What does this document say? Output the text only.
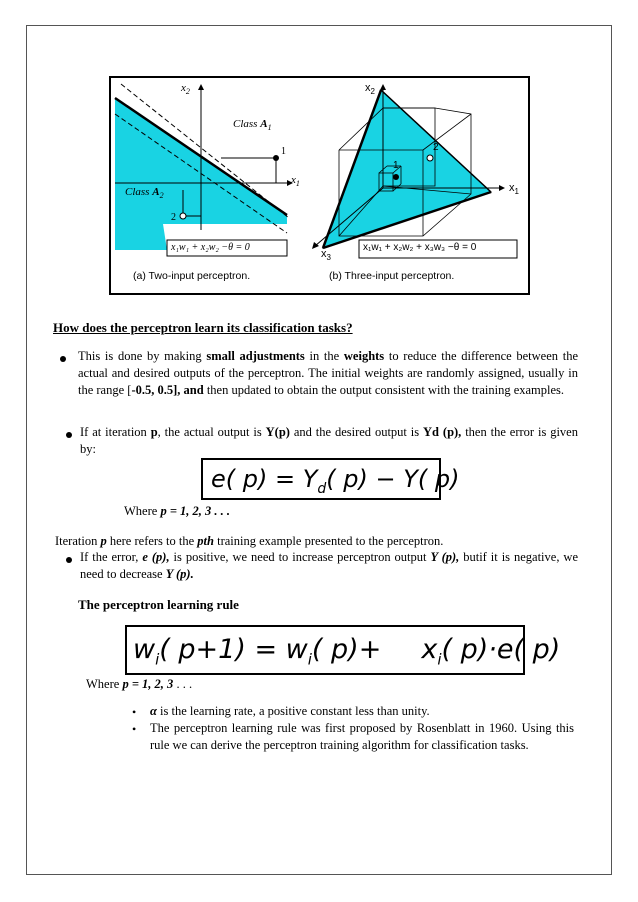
$x_2$
$x_1$
Class $A_1$
Class $A_2$
1
2
x₁w₁ + x₂w₂ −θ = 0
(a) Two-input perceptron.
$x_2$
$x_1$
$x_3$
1
2
x₁w₁ + x₂w₂ + x₃w₃ −θ = 0
(b) Three-input perceptron.
How does the perceptron learn its classification tasks?
This is done by making small adjustments in the weights to reduce the difference between the actual and desired outputs of the perceptron. The initial weights are randomly assigned, usually in the range [-0.5, 0.5], and then updated to obtain the output consistent with the training examples.
If at iteration p, the actual output is Y(p) and the desired output is Yd (p), then the error is given by:
e( $p) = Y_d$( p) − Y( p)
Where p = 1, 2, 3 . . .
Iteration p here refers to the pth training example presented to the perceptron.
If the error, e (p), is positive, we need to increase perceptron output Y (p), butif it is negative, we need to decrease Y (p).
The perceptron learning rule
$w_i$( $p+1) = w_i$( $p)+ x_i$( p)·e( p)
Where p = 1, 2, 3 . . .
• α is the learning rate, a positive constant less than unity.
• The perceptron learning rule was first proposed by Rosenblatt in 1960. Using this rule we can derive the perceptron training algorithm for classification tasks.
